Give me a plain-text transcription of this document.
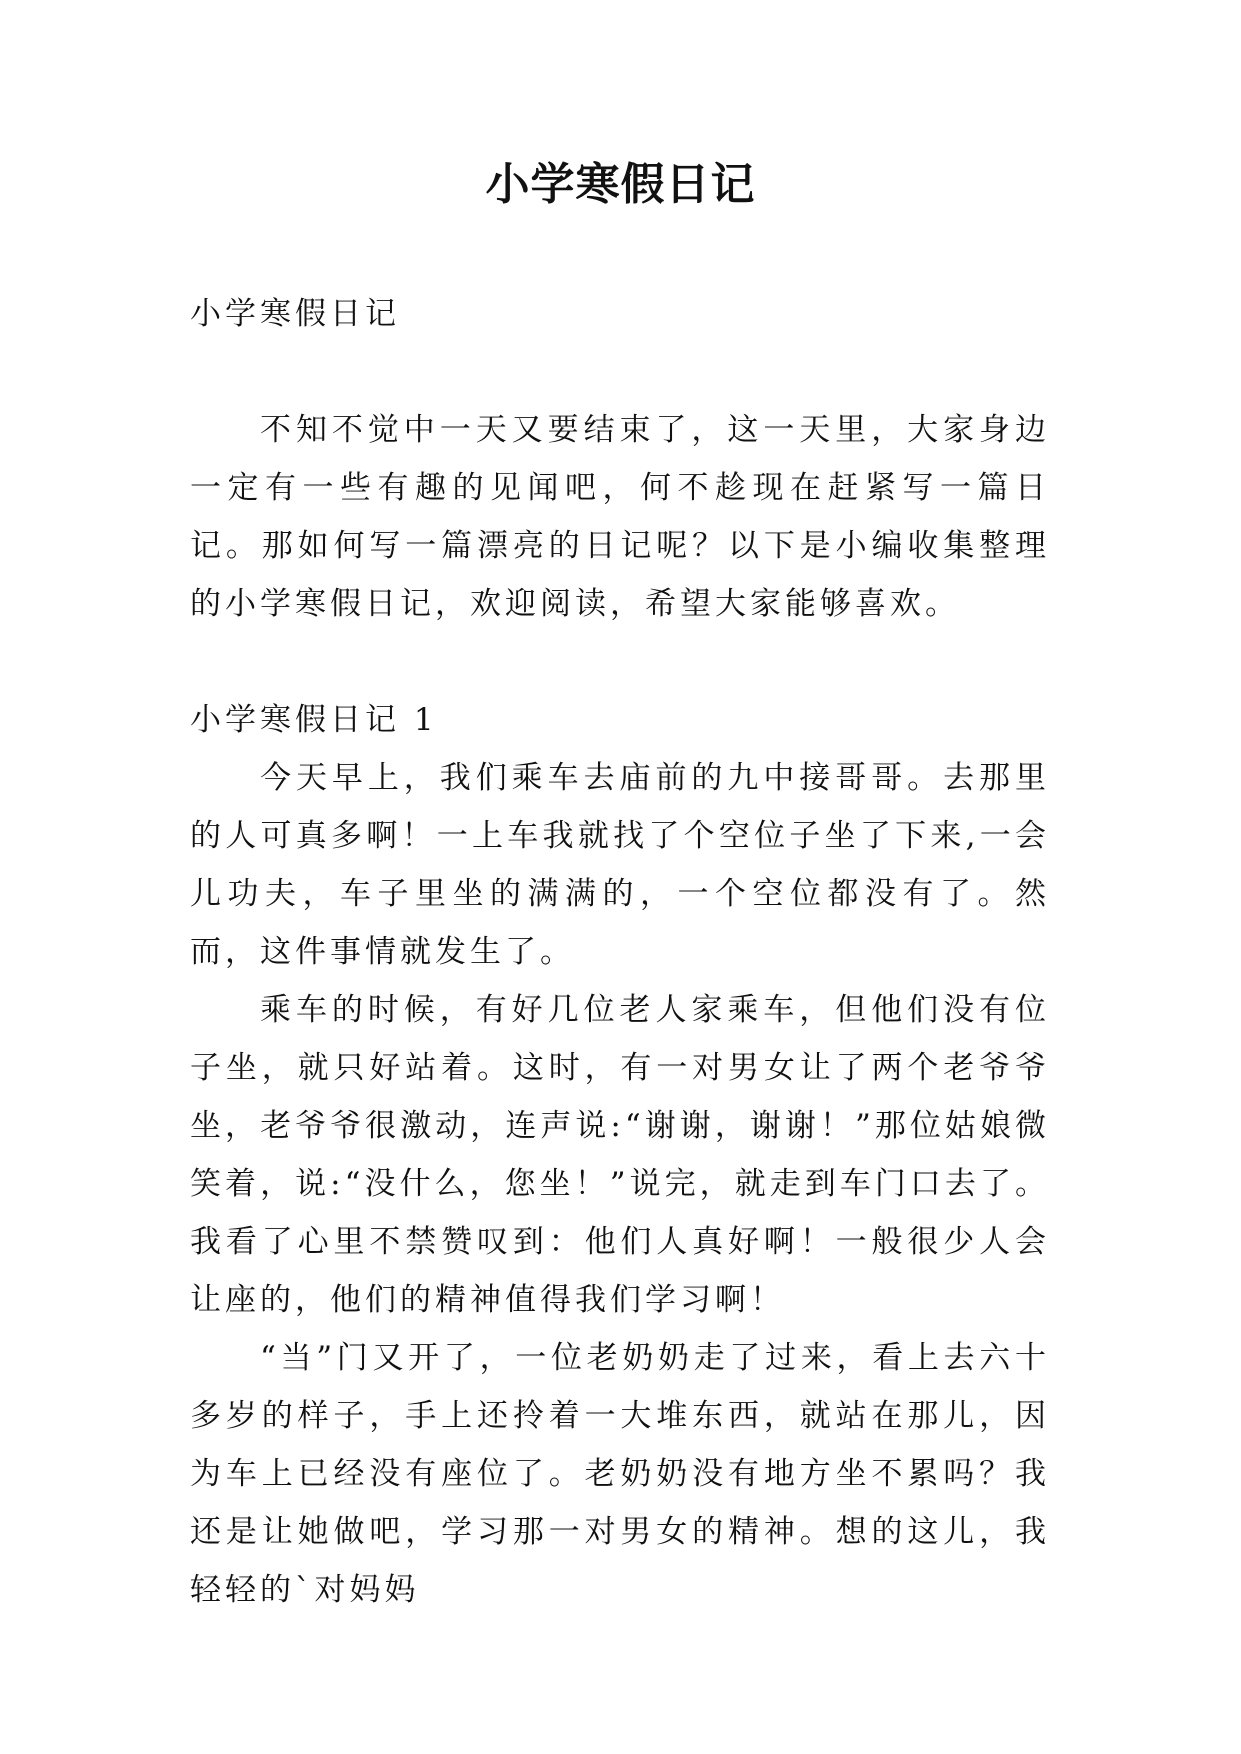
小学寒假日记

小学寒假日记

不知不觉中一天又要结束了，这一天里，大家身边一定有一些有趣的见闻吧，何不趁现在赶紧写一篇日记。那如何写一篇漂亮的日记呢？以下是小编收集整理的小学寒假日记，欢迎阅读，希望大家能够喜欢。

小学寒假日记 1

今天早上，我们乘车去庙前的九中接哥哥。去那里的人可真多啊！一上车我就找了个空位子坐了下来,一会儿功夫，车子里坐的满满的，一个空位都没有了。然而，这件事情就发生了。

乘车的时候，有好几位老人家乘车，但他们没有位子坐，就只好站着。这时，有一对男女让了两个老爷爷坐，老爷爷很激动，连声说:“谢谢，谢谢！”那位姑娘微笑着，说:“没什么，您坐！”说完，就走到车门口去了。我看了心里不禁赞叹到：他们人真好啊！一般很少人会让座的，他们的精神值得我们学习啊！

“当”门又开了，一位老奶奶走了过来，看上去六十多岁的样子，手上还拎着一大堆东西，就站在那儿，因为车上已经没有座位了。老奶奶没有地方坐不累吗？我还是让她做吧，学习那一对男女的精神。想的这儿，我轻轻的`对妈妈
